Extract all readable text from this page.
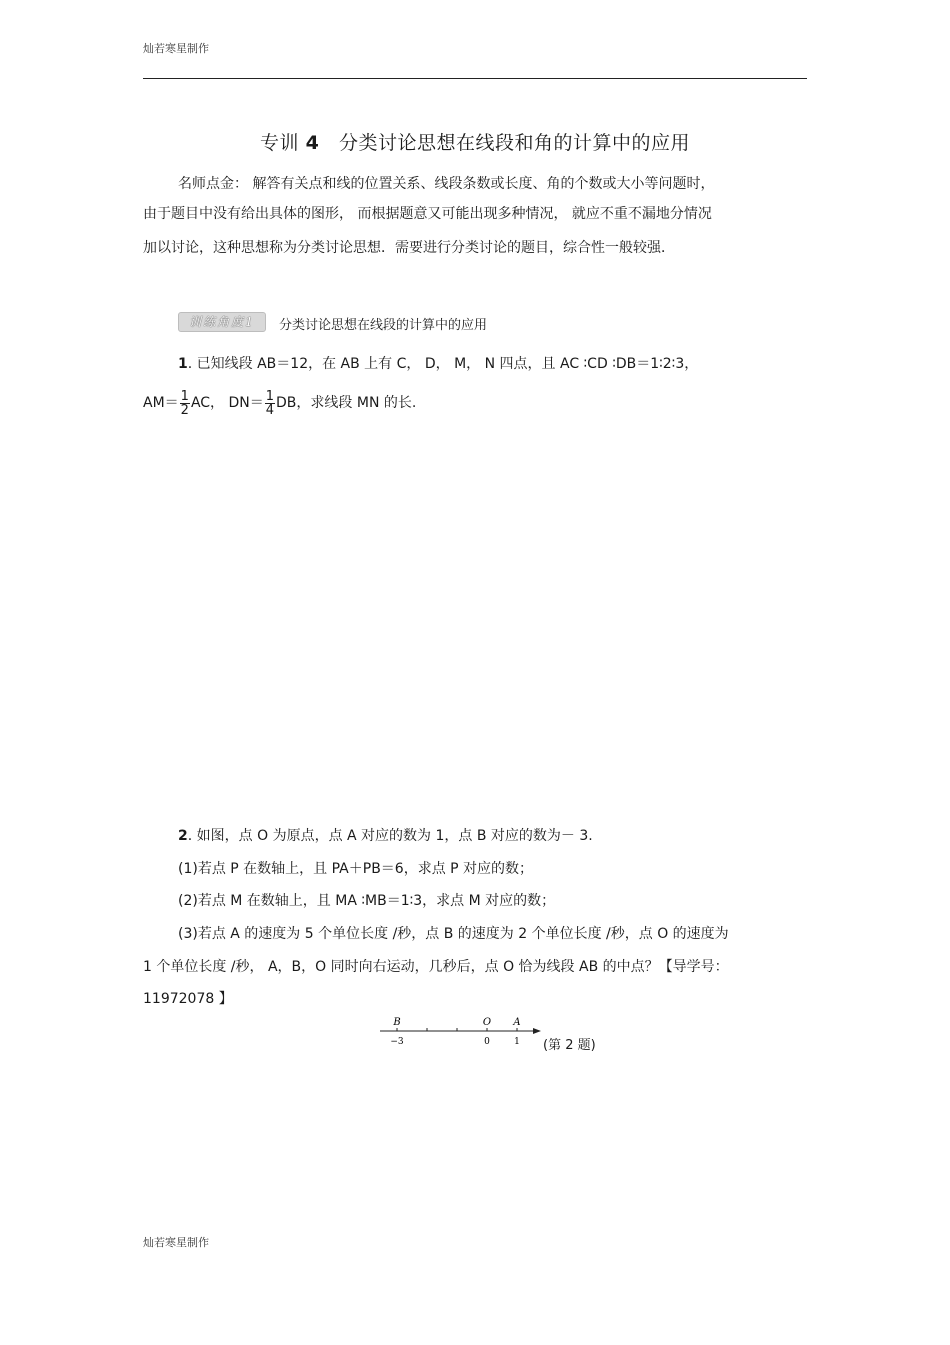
灿若寒星制作
专训 4 分类讨论思想在线段和角的计算中的应用
名师点金： 解答有关点和线的位置关系、线段条数或长度、角的个数或大小等问题时，
由于题目中没有给出具体的图形， 而根据题意又可能出现多种情况， 就应不重不漏地分情况
加以讨论，这种思想称为分类讨论思想．需要进行分类讨论的题目，综合性一般较强．
训练角度1	分类讨论思想在线段的计算中的应用
1. 已知线段 AB＝12，在 AB 上有 C， D， M， N 四点，且 AC ∶CD ∶DB＝1∶2∶3，
$AM= \frac{1}{2}$ AC， $DN= \frac{1}{4}$ DB，求线段 MN 的长.
2. 如图，点 O 为原点，点 A 对应的数为 1，点 B 对应的数为－ 3.
(1)若点 P 在数轴上，且 PA＋PB＝6，求点 P 对应的数；
(2)若点 M 在数轴上，且 MA ∶MB＝1∶3，求点 M 对应的数；
(3)若点 A 的速度为 5 个单位长度 /秒，点 B 的速度为 2 个单位长度 /秒，点 O 的速度为
1 个单位长度 /秒， A，B，O 同时向右运动，几秒后，点 O 恰为线段 AB 的中点？【导学号：
11972078 】
B	O A
−3	0	1 (第 2 题)
灿若寒星制作
